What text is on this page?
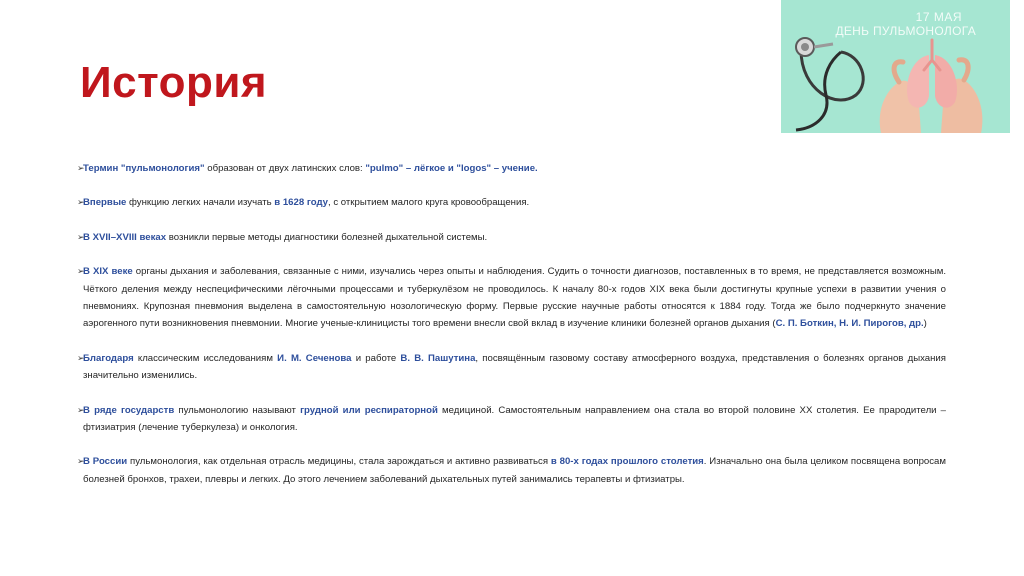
История
17 МАЯ
ДЕНЬ ПУЛЬМОНОЛОГА

➢
Термин "пульмонология" образован от двух латинских слов: "pulmo" – лёгкое и "logos" – учение.

➢
Впервые функцию легких начали изучать в 1628 году, с открытием малого круга кровообращения.

➢
В XVII–XVIII веках возникли первые методы диагностики болезней дыхательной системы.

➢
В XIX веке органы дыхания и заболевания, связанные с ними, изучались через опыты и наблюдения. Судить о точности диагнозов, поставленных в то время, не представляется возможным. Чёткого деления между неспецифическими лёгочными процессами и туберкулёзом не проводилось. К началу 80-х годов XIX века были достигнуты крупные успехи в развитии учения о пневмониях. Крупозная пневмония выделена в самостоятельную нозологическую форму. Первые русские научные работы относятся к 1884 году. Тогда же было подчеркнуто значение аэрогенного пути возникновения пневмонии. Многие ученые-клиницисты того времени внесли свой вклад в изучение клиники болезней органов дыхания (С. П. Боткин, Н. И. Пирогов, др.)

➢
Благодаря классическим исследованиям И. М. Сеченова и работе В. В. Пашутина, посвящённым газовому составу атмосферного воздуха, представления о болезнях органов дыхания значительно изменились.

➢
В ряде государств пульмонологию называют грудной или респираторной медициной. Самостоятельным направлением она стала во второй половине XX столетия. Ее прародители – фтизиатрия (лечение туберкулеза) и онкология.

➢
В России пульмонология, как отдельная отрасль медицины, стала зарождаться и активно развиваться в 80-х годах прошлого столетия. Изначально она была целиком посвящена вопросам болезней бронхов, трахеи, плевры и легких. До этого лечением заболеваний дыхательных путей занимались терапевты и фтизиатры.
